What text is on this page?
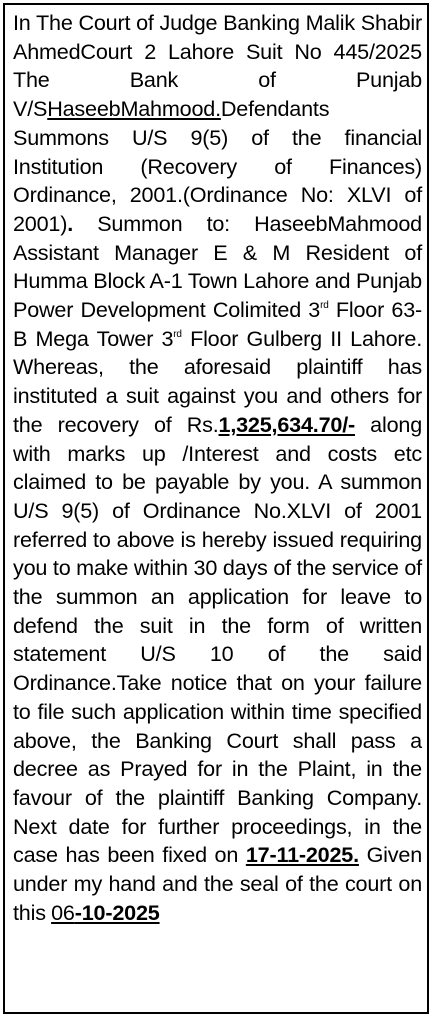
In The Court of Judge Banking Malik Shabir AhmedCourt 2 Lahore Suit No 445/2025 The Bank of Punjab V/SHaseebMahmood.Defendants Summons U/S 9(5) of the financial Institution (Recovery of Finances) Ordinance, 2001.(Ordinance No: XLVI of 2001). Summon to: HaseebMahmood Assistant Manager E & M Resident of Humma Block A-1 Town Lahore and Punjab Power Development Colimited 3rd Floor 63-B Mega Tower 3rd Floor Gulberg II Lahore. Whereas, the aforesaid plaintiff has instituted a suit against you and others for the recovery of Rs.1,325,634.70/- along with marks up /Interest and costs etc claimed to be payable by you. A summon U/S 9(5) of Ordinance No.XLVI of 2001 referred to above is hereby issued requiring you to make within 30 days of the service of the summon an application for leave to defend the suit in the form of written statement U/S 10 of the said Ordinance.Take notice that on your failure to file such application within time specified above, the Banking Court shall pass a decree as Prayed for in the Plaint, in the favour of the plaintiff Banking Company. Next date for further proceedings, in the case has been fixed on 17-11-2025. Given under my hand and the seal of the court on this 06-10-2025
